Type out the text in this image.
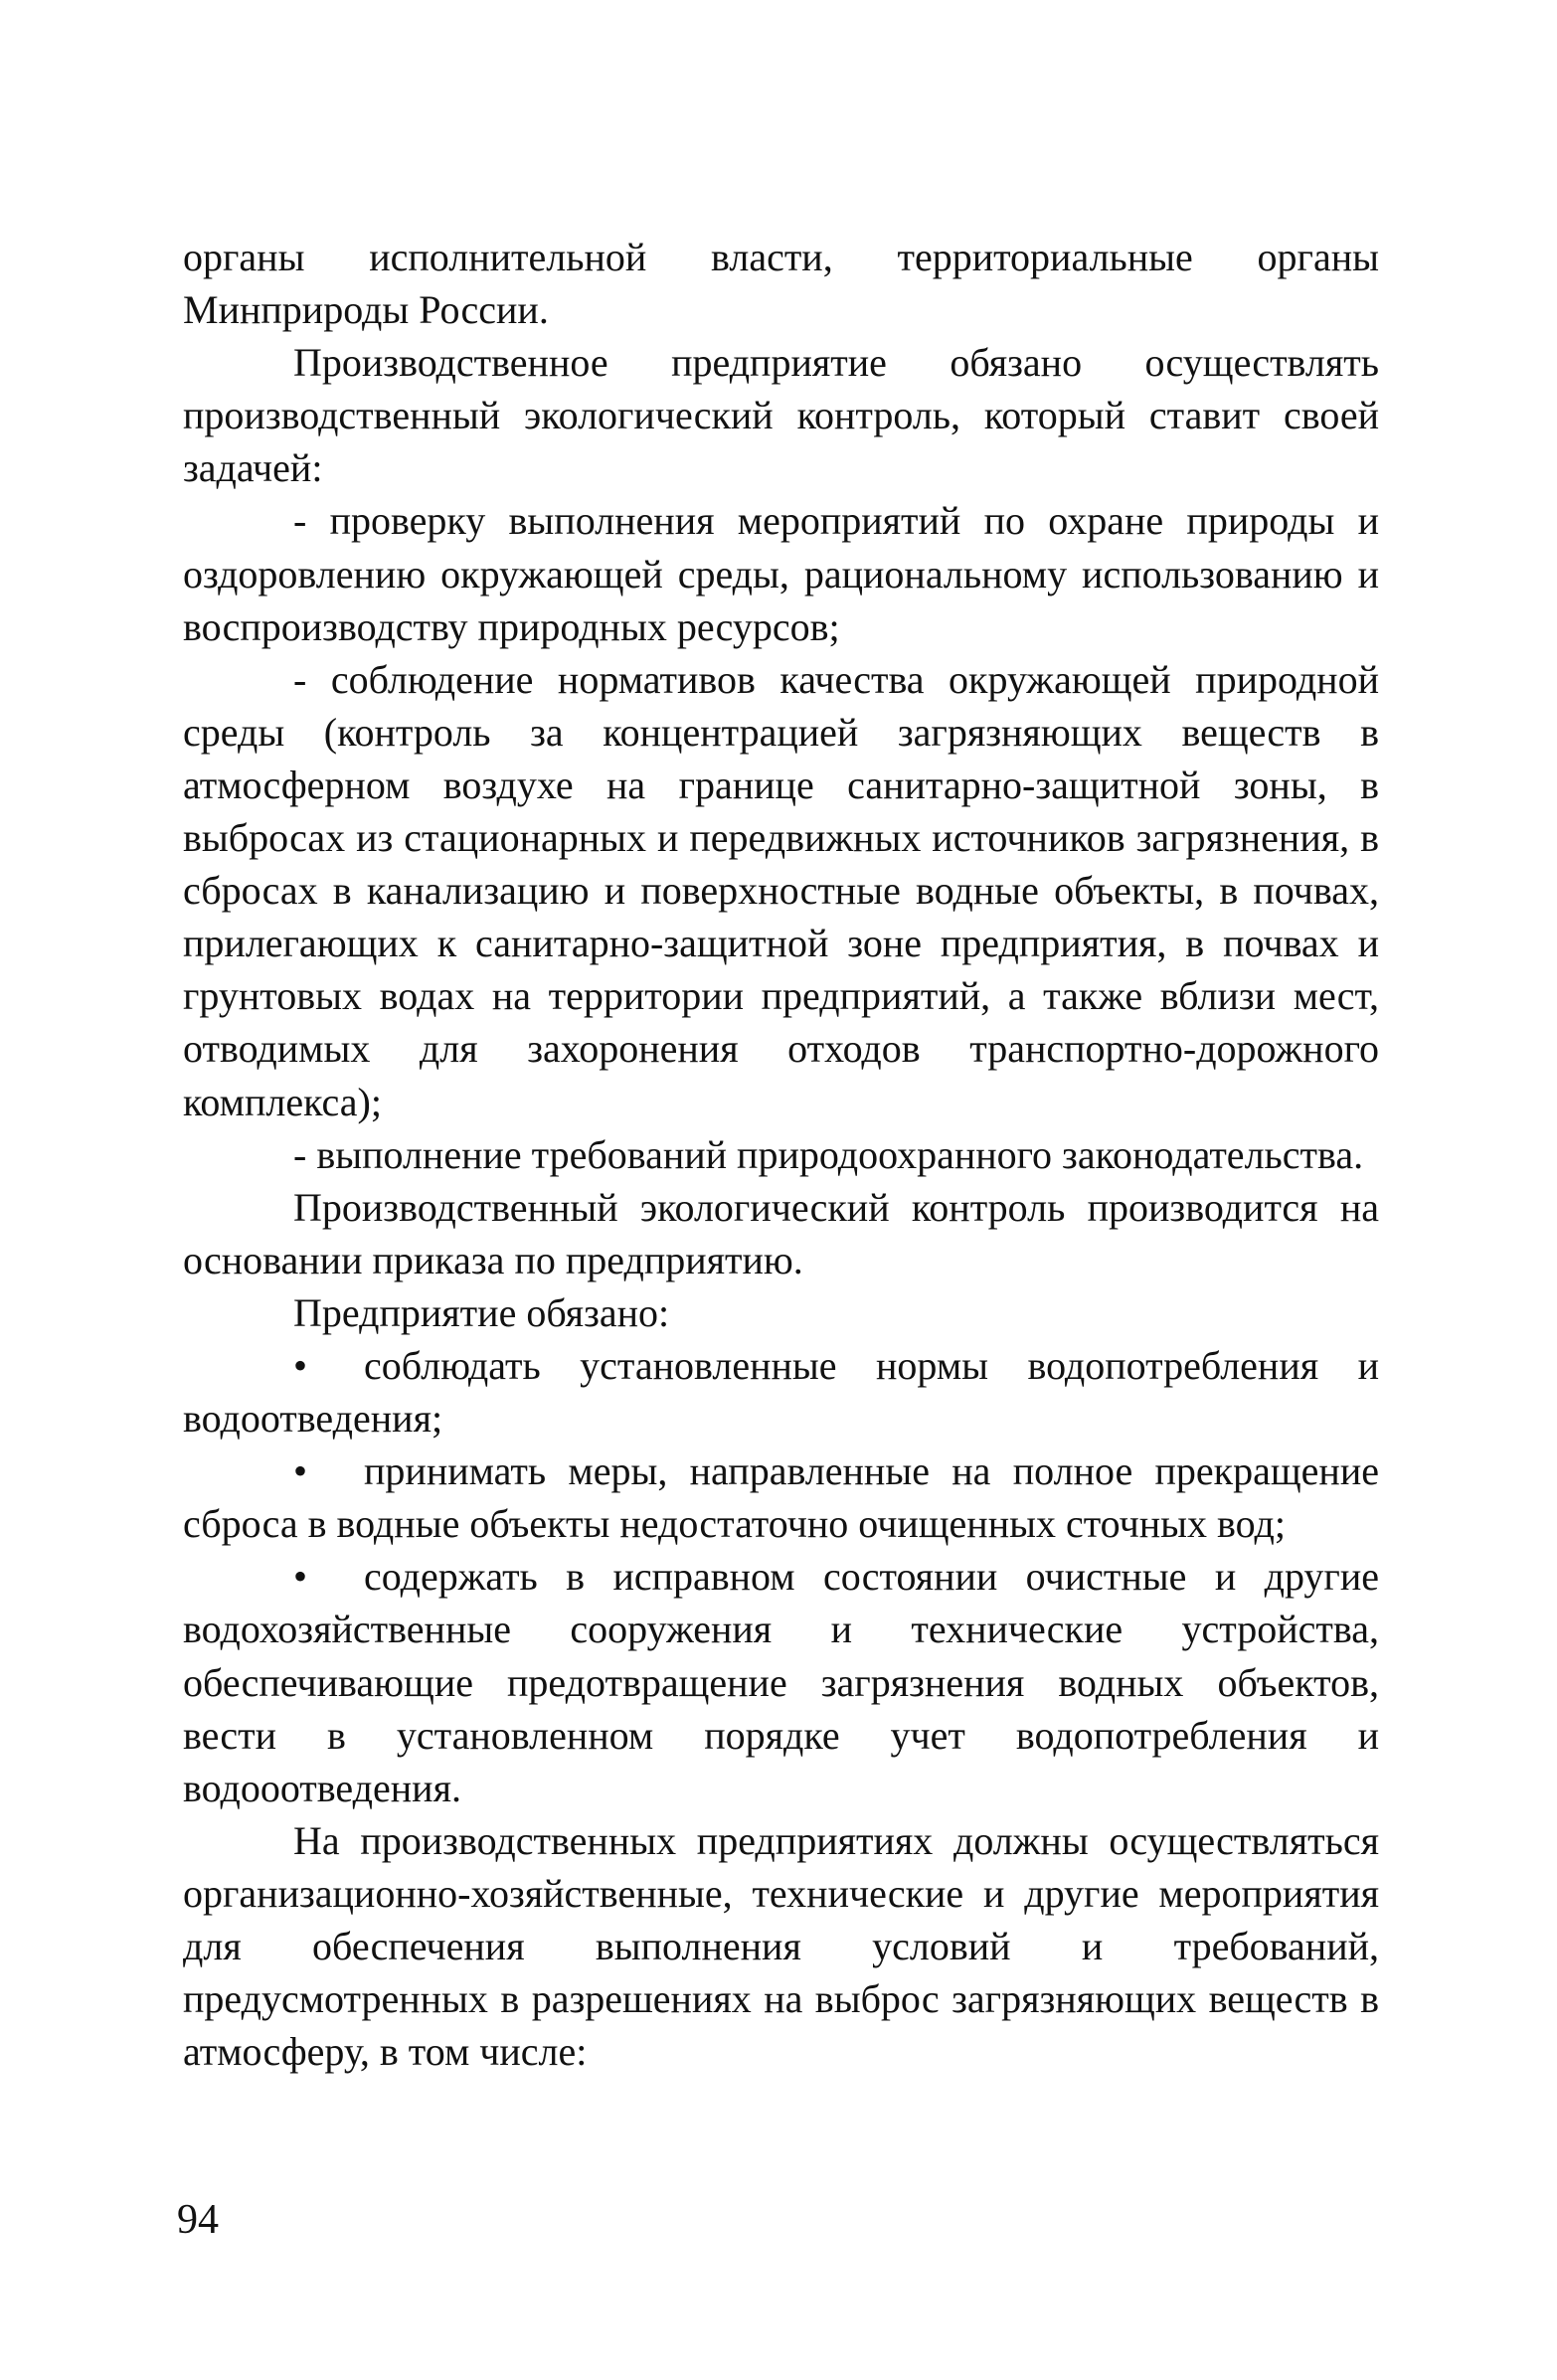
органы исполнительной власти, территориальные органы Минприроды России.

Производственное предприятие обязано осуществлять производственный экологический контроль, который ставит своей задачей:

- проверку выполнения мероприятий по охране природы и оздоровлению окружающей среды, рациональному использованию и воспроизводству природных ресурсов;

- соблюдение нормативов качества окружающей природной среды (контроль за концентрацией загрязняющих веществ в атмосферном воздухе на границе санитарно-защитной зоны, в выбросах из стационарных и передвижных источников загрязнения, в сбросах в канализацию и поверхностные водные объекты, в почвах, прилегающих к санитарно-защитной зоне предприятия, в почвах и грунтовых водах на территории предприятий, а также вблизи мест, отводимых для захоронения отходов транспортно-дорожного комплекса);

- выполнение требований природоохранного законодательства.

Производственный экологический контроль производится на основании приказа по предприятию.

Предприятие обязано:

• соблюдать установленные нормы водопотребления и водоотведения;

• принимать меры, направленные на полное прекращение сброса в водные объекты недостаточно очищенных сточных вод;

• содержать в исправном состоянии очистные и другие водохозяйственные сооружения и технические устройства, обеспечивающие предотвращение загрязнения водных объектов, вести в установленном порядке учет водопотребления и водооотведения.

На производственных предприятиях должны осуществляться организационно-хозяйственные, технические и другие мероприятия для обеспечения выполнения условий и требований, предусмотренных в разрешениях на выброс загрязняющих веществ в атмосферу, в том числе:

94
